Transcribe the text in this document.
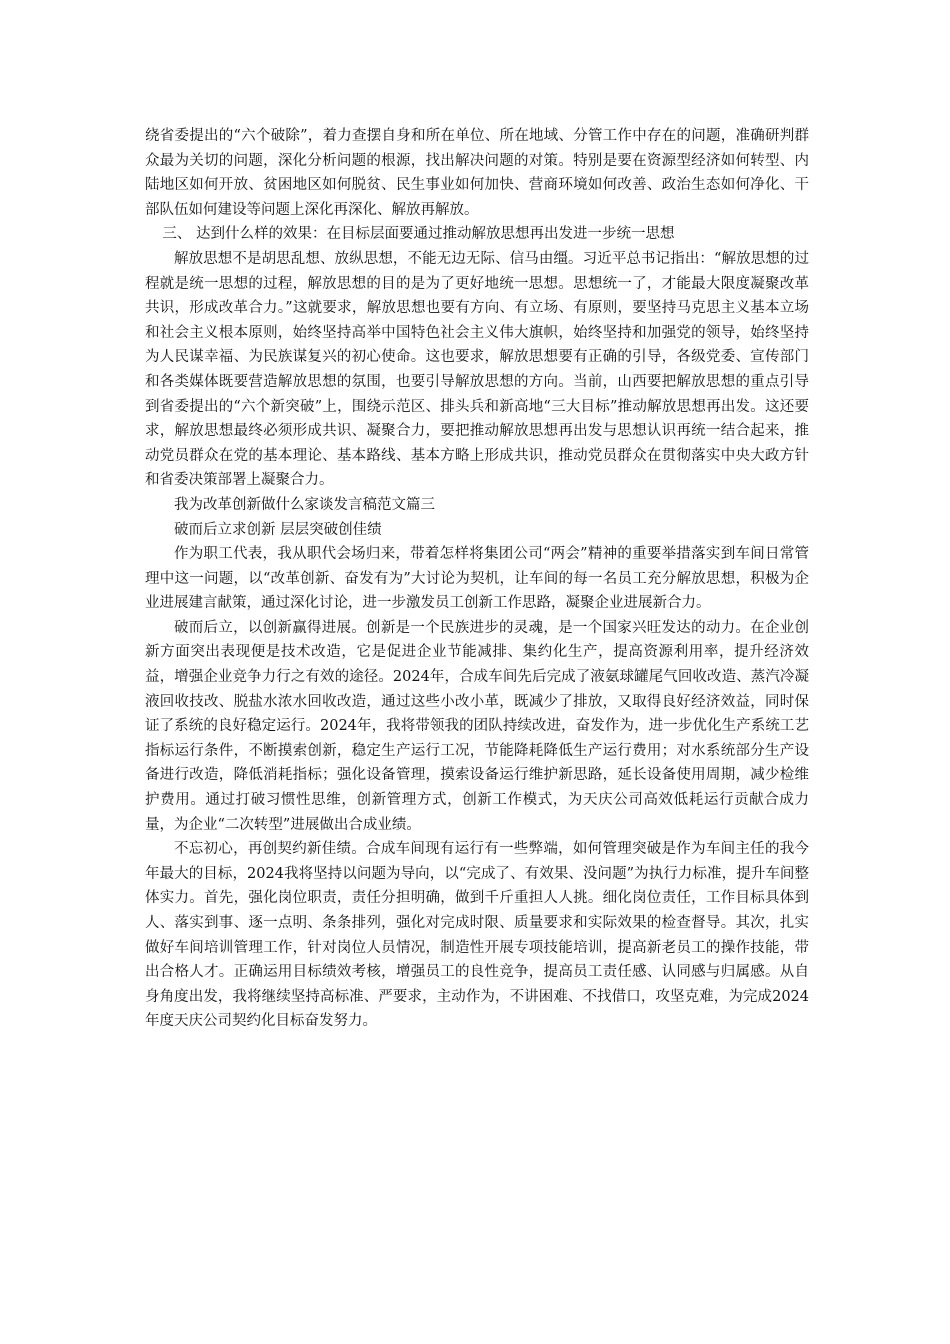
绕省委提出的“六个破除”，着力查摆自身和所在单位、所在地域、分管工作中存在的问题，准确研判群众最为关切的问题，深化分析问题的根源，找出解决问题的对策。特别是要在资源型经济如何转型、内陆地区如何开放、贫困地区如何脱贫、民生事业如何加快、营商环境如何改善、政治生态如何净化、干部队伍如何建设等问题上深化再深化、解放再解放。

三、 达到什么样的效果：在目标层面要通过推动解放思想再出发进一步统一思想

解放思想不是胡思乱想、放纵思想，不能无边无际、信马由缰。习近平总书记指出：“解放思想的过程就是统一思想的过程，解放思想的目的是为了更好地统一思想。思想统一了，才能最大限度凝聚改革共识，形成改革合力。”这就要求，解放思想也要有方向、有立场、有原则，要坚持马克思主义基本立场和社会主义根本原则，始终坚持高举中国特色社会主义伟大旗帜，始终坚持和加强党的领导，始终坚持为人民谋幸福、为民族谋复兴的初心使命。这也要求，解放思想要有正确的引导，各级党委、宣传部门和各类媒体既要营造解放思想的氛围，也要引导解放思想的方向。当前，山西要把解放思想的重点引导到省委提出的“六个新突破”上，围绕示范区、排头兵和新高地“三大目标”推动解放思想再出发。这还要求，解放思想最终必须形成共识、凝聚合力，要把推动解放思想再出发与思想认识再统一结合起来，推动党员群众在党的基本理论、基本路线、基本方略上形成共识，推动党员群众在贯彻落实中央大政方针和省委决策部署上凝聚合力。

我为改革创新做什么家谈发言稿范文篇三

破而后立求创新 层层突破创佳绩

作为职工代表，我从职代会场归来，带着怎样将集团公司“两会”精神的重要举措落实到车间日常管理中这一问题，以“改革创新、奋发有为”大讨论为契机，让车间的每一名员工充分解放思想，积极为企业进展建言献策，通过深化讨论，进一步激发员工创新工作思路，凝聚企业进展新合力。

破而后立，以创新赢得进展。创新是一个民族进步的灵魂，是一个国家兴旺发达的动力。在企业创新方面突出表现便是技术改造，它是促进企业节能减排、集约化生产，提高资源利用率，提升经济效益，增强企业竞争力行之有效的途径。2024年，合成车间先后完成了液氨球罐尾气回收改造、蒸汽冷凝液回收技改、脱盐水浓水回收改造，通过这些小改小革，既减少了排放，又取得良好经济效益，同时保证了系统的良好稳定运行。2024年，我将带领我的团队持续改进，奋发作为，进一步优化生产系统工艺指标运行条件，不断摸索创新，稳定生产运行工况，节能降耗降低生产运行费用；对水系统部分生产设备进行改造，降低消耗指标；强化设备管理，摸索设备运行维护新思路，延长设备使用周期，减少检维护费用。通过打破习惯性思维，创新管理方式，创新工作模式，为天庆公司高效低耗运行贡献合成力量，为企业“二次转型”进展做出合成业绩。

不忘初心，再创契约新佳绩。合成车间现有运行有一些弊端，如何管理突破是作为车间主任的我今年最大的目标，2024我将坚持以问题为导向，以“完成了、有效果、没问题”为执行力标准，提升车间整体实力。首先，强化岗位职责，责任分担明确，做到千斤重担人人挑。细化岗位责任，工作目标具体到人、落实到事、逐一点明、条条排列，强化对完成时限、质量要求和实际效果的检查督导。其次，扎实做好车间培训管理工作，针对岗位人员情况，制造性开展专项技能培训，提高新老员工的操作技能，带出合格人才。正确运用目标绩效考核，增强员工的良性竞争，提高员工责任感、认同感与归属感。从自身角度出发，我将继续坚持高标准、严要求，主动作为，不讲困难、不找借口，攻坚克难，为完成2024年度天庆公司契约化目标奋发努力。
